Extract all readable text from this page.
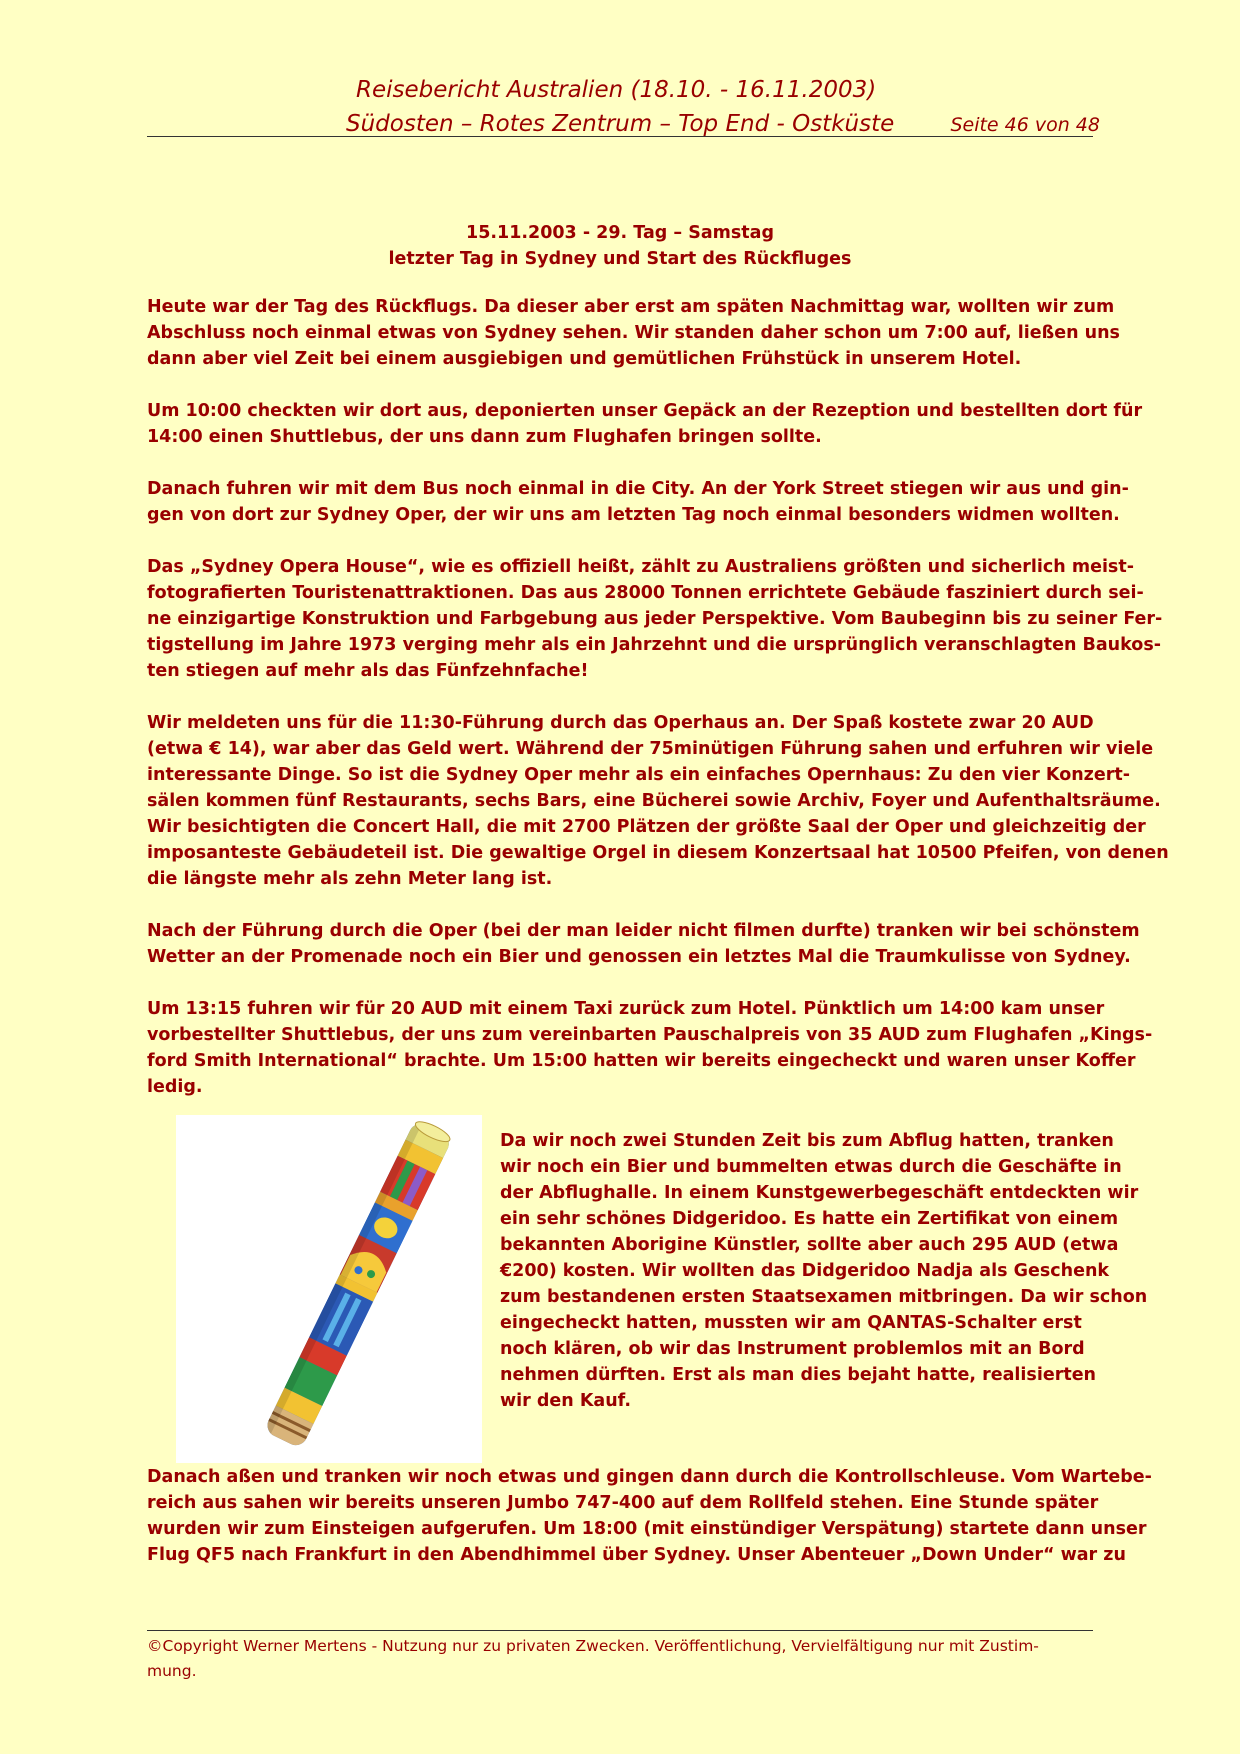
Reisebericht Australien (18.10. - 16.11.2003)
Südosten – Rotes Zentrum – Top End - Ostküste	Seite 46 von 48
15.11.2003 - 29. Tag – Samstag
letzter Tag in Sydney und Start des Rückfluges
Heute war der Tag des Rückflugs. Da dieser aber erst am späten Nachmittag war, wollten wir zum
Abschluss noch einmal etwas von Sydney sehen. Wir standen daher schon um 7:00 auf, ließen uns
dann aber viel Zeit bei einem ausgiebigen und gemütlichen Frühstück in unserem Hotel.
Um 10:00 checkten wir dort aus, deponierten unser Gepäck an der Rezeption und bestellten dort für
14:00 einen Shuttlebus, der uns dann zum Flughafen bringen sollte.
Danach fuhren wir mit dem Bus noch einmal in die City. An der York Street stiegen wir aus und gin-
gen von dort zur Sydney Oper, der wir uns am letzten Tag noch einmal besonders widmen wollten.
Das „Sydney Opera House“, wie es offiziell heißt, zählt zu Australiens größten und sicherlich meist-
fotografierten Touristenattraktionen. Das aus 28000 Tonnen errichtete Gebäude fasziniert durch sei-
ne einzigartige Konstruktion und Farbgebung aus jeder Perspektive. Vom Baubeginn bis zu seiner Fer-
tigstellung im Jahre 1973 verging mehr als ein Jahrzehnt und die ursprünglich veranschlagten Baukos-
ten stiegen auf mehr als das Fünfzehnfache!
Wir meldeten uns für die 11:30-Führung durch das Operhaus an. Der Spaß kostete zwar 20 AUD
(etwa € 14), war aber das Geld wert. Während der 75minütigen Führung sahen und erfuhren wir viele
interessante Dinge. So ist die Sydney Oper mehr als ein einfaches Opernhaus: Zu den vier Konzert-
sälen kommen fünf Restaurants, sechs Bars, eine Bücherei sowie Archiv, Foyer und Aufenthaltsräume.
Wir besichtigten die Concert Hall, die mit 2700 Plätzen der größte Saal der Oper und gleichzeitig der
imposanteste Gebäudeteil ist. Die gewaltige Orgel in diesem Konzertsaal hat 10500 Pfeifen, von denen
die längste mehr als zehn Meter lang ist.
Nach der Führung durch die Oper (bei der man leider nicht filmen durfte) tranken wir bei schönstem
Wetter an der Promenade noch ein Bier und genossen ein letztes Mal die Traumkulisse von Sydney.
Um 13:15 fuhren wir für 20 AUD mit einem Taxi zurück zum Hotel. Pünktlich um 14:00 kam unser
vorbestellter Shuttlebus, der uns zum vereinbarten Pauschalpreis von 35 AUD zum Flughafen „Kings-
ford Smith International“ brachte. Um 15:00 hatten wir bereits eingecheckt und waren unser Koffer
ledig.
Da wir noch zwei Stunden Zeit bis zum Abflug hatten, tranken
wir noch ein Bier und bummelten etwas durch die Geschäfte in
der Abflughalle. In einem Kunstgewerbegeschäft entdeckten wir
ein sehr schönes Didgeridoo. Es hatte ein Zertifikat von einem
bekannten Aborigine Künstler, sollte aber auch 295 AUD (etwa
€200) kosten. Wir wollten das Didgeridoo Nadja als Geschenk
zum bestandenen ersten Staatsexamen mitbringen. Da wir schon
eingecheckt hatten, mussten wir am QANTAS-Schalter erst
noch klären, ob wir das Instrument problemlos mit an Bord
nehmen dürften. Erst als man dies bejaht hatte, realisierten
wir den Kauf.
Danach aßen und tranken wir noch etwas und gingen dann durch die Kontrollschleuse. Vom Wartebe-
reich aus sahen wir bereits unseren Jumbo 747-400 auf dem Rollfeld stehen. Eine Stunde später
wurden wir zum Einsteigen aufgerufen. Um 18:00 (mit einstündiger Verspätung) startete dann unser
Flug QF5 nach Frankfurt in den Abendhimmel über Sydney. Unser Abenteuer „Down Under“ war zu
©Copyright Werner Mertens - Nutzung nur zu privaten Zwecken. Veröffentlichung, Vervielfältigung nur mit Zustim-
mung.
